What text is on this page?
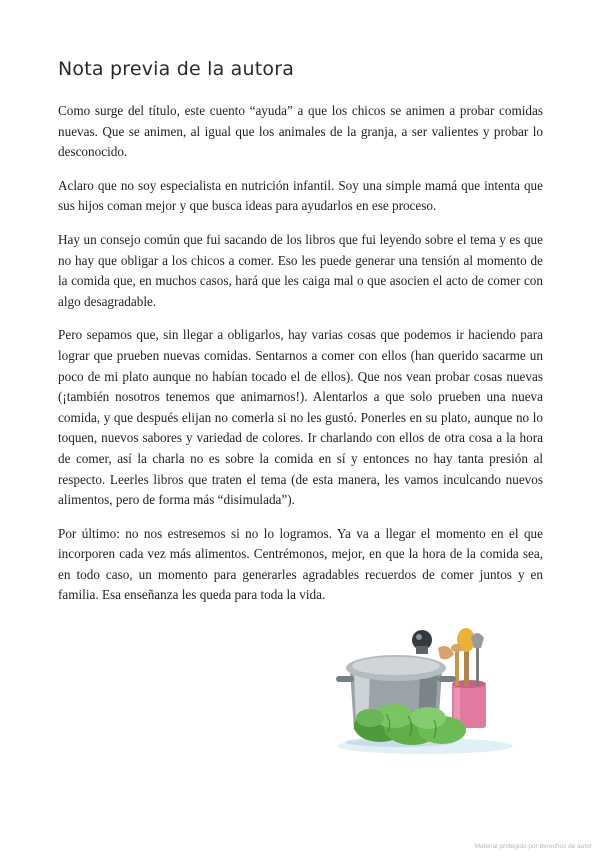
Nota previa de la autora

Como surge del título, este cuento “ayuda” a que los chicos se animen a probar comidas nuevas. Que se animen, al igual que los animales de la granja, a ser valientes y probar lo desconocido.

Aclaro que no soy especialista en nutrición infantil. Soy una simple mamá que intenta que sus hijos coman mejor y que busca ideas para ayudarlos en ese proceso.

Hay un consejo común que fui sacando de los libros que fui leyendo sobre el tema y es que no hay que obligar a los chicos a comer. Eso les puede generar una tensión al momento de la comida que, en muchos casos, hará que les caiga mal o que asocien el acto de comer con algo desagradable.

Pero sepamos que, sin llegar a obligarlos, hay varias cosas que podemos ir haciendo para lograr que prueben nuevas comidas. Sentarnos a comer con ellos (han querido sacarme un poco de mi plato aunque no habían tocado el de ellos). Que nos vean probar cosas nuevas (¡también nosotros tenemos que animarnos!). Alentarlos a que solo prueben una nueva comida, y que después elijan no comerla si no les gustó. Ponerles en su plato, aunque no lo toquen, nuevos sabores y variedad de colores. Ir charlando con ellos de otra cosa a la hora de comer, así la charla no es sobre la comida en sí y entonces no hay tanta presión al respecto. Leerles libros que traten el tema (de esta manera, les vamos inculcando nuevos alimentos, pero de forma más “disimulada”).

Por último: no nos estresemos si no lo logramos. Ya va a llegar el momento en el que incorporen cada vez más alimentos. Centrémonos, mejor, en que la hora de la comida sea, en todo caso, un momento para generarles agradables recuerdos de comer juntos y en familia. Esa enseñanza les queda para toda la vida.

Material protegido por derechos de autor
